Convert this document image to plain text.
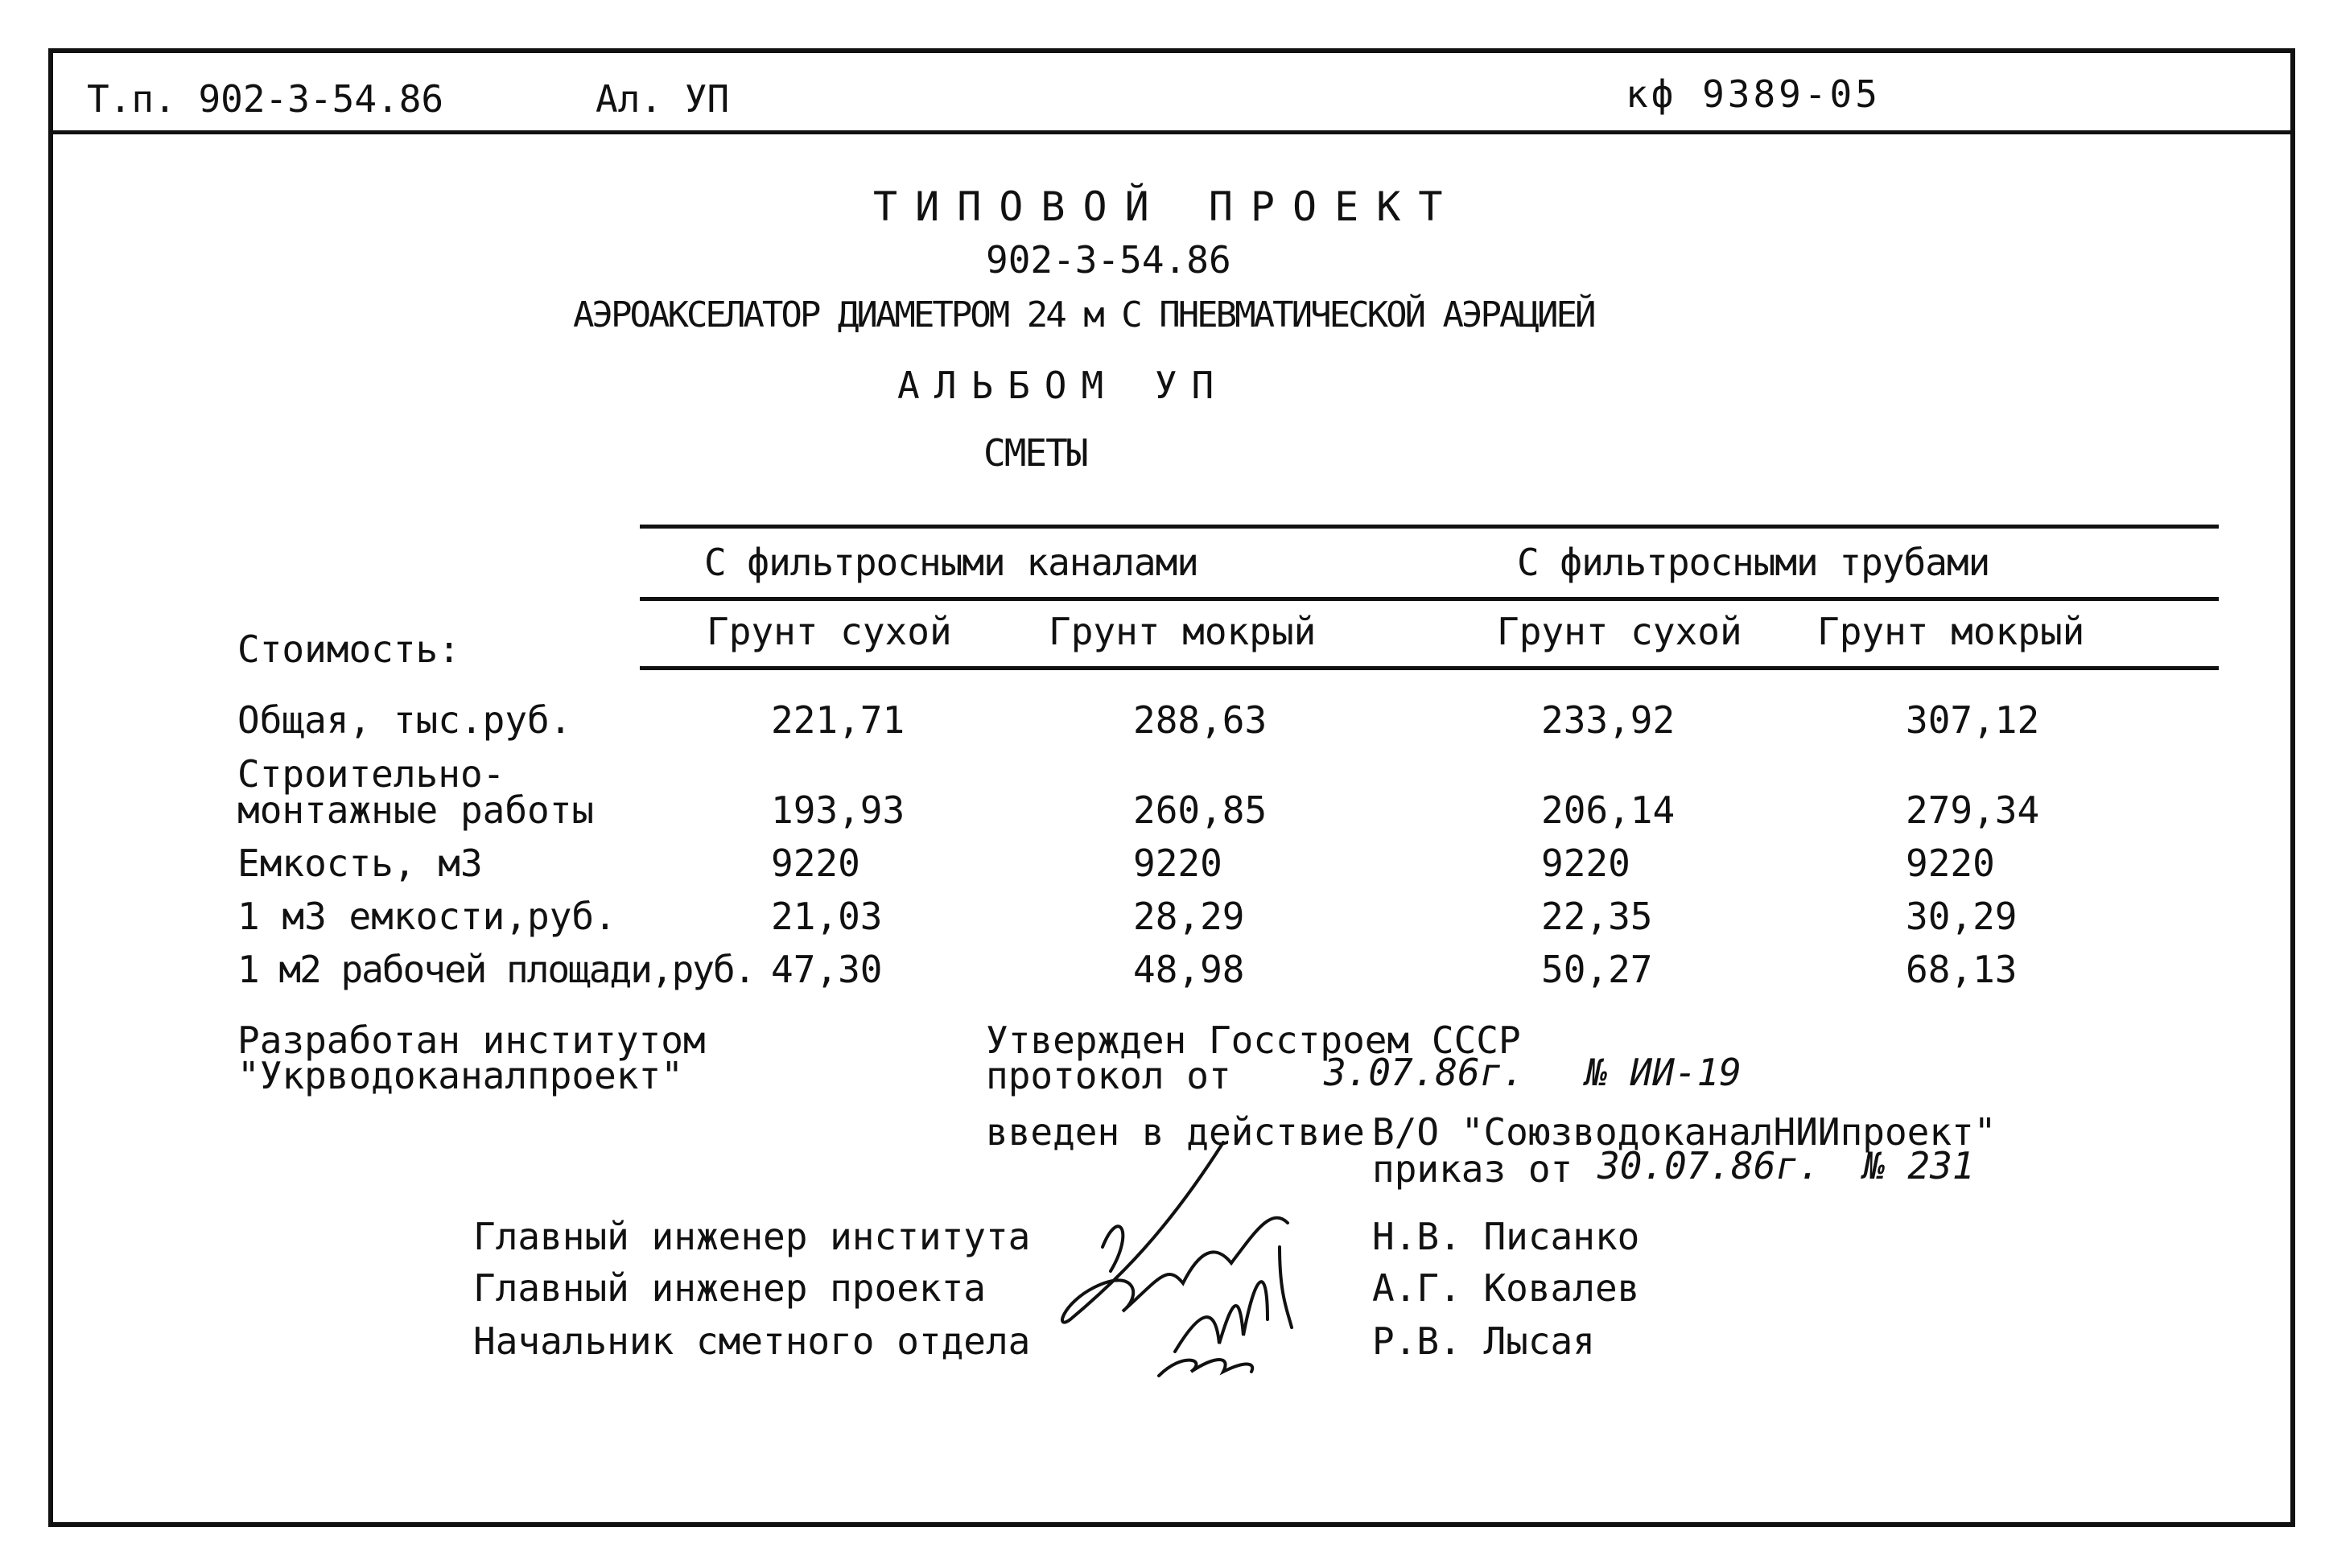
Т.п. 902-3-54.86	Ал. УП	кф 9389-05
ТИПОВОЙ ПРОЕКТ
902-3-54.86
АЭРОАКСЕЛАТОР ДИАМЕТРОМ 24 м С ПНЕВМАТИЧЕСКОЙ АЭРАЦИЕЙ
АЛЬБОМ УП
СМЕТЫ
С фильтросными каналами	С фильтросными трубами
Стоимость:	Грунт сухой	Грунт мокрый	Грунт сухой Грунт мокрый
Общая, тыс.руб.	221,71	288,63	233,92	307,12
Строительно-
монтажные работы	193,93	260,85	206,14	279,34
Емкость, м3	9220	9220	9220	9220
1 м3 емкости,руб.	21,03	28,29	22,35	30,29
1 м2 рабочей площади,руб. 47,30	48,98	50,27	68,13
Разработан институтом
"Укрводоканалпроект"
Утвержден Госстроем СССР
протокол от	3.07.86г. № ИИ-19
введен в действие В/О "СоюзводоканалНИИпроект"
приказ от 30.07.86г. № 231
Главный инженер института	Н.В. Писанко
Главный инженер проекта	А.Г. Ковалев
Начальник сметного отдела	Р.В. Лысая
